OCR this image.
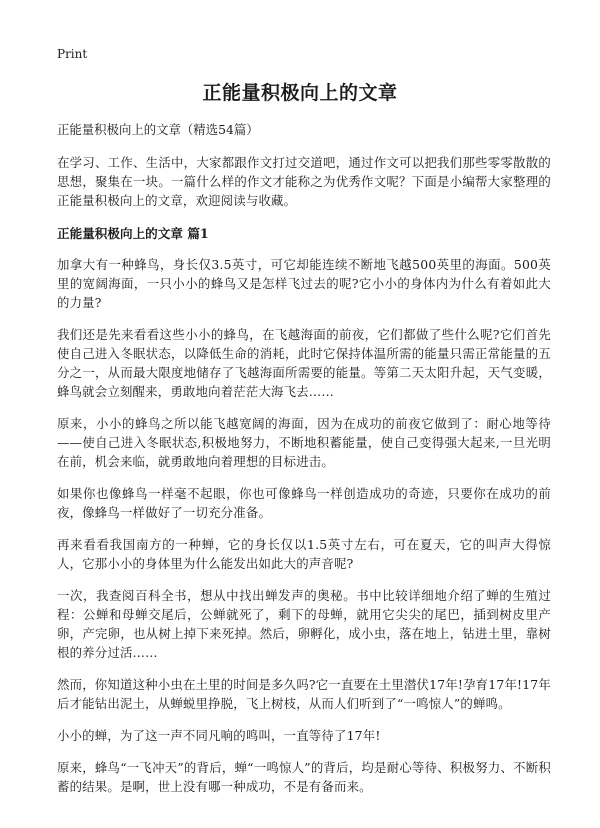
Print
正能量积极向上的文章

正能量积极向上的文章（精选54篇）

在学习、工作、生活中，大家都跟作文打过交道吧，通过作文可以把我们那些零零散散的思想，聚集在一块。一篇什么样的作文才能称之为优秀作文呢？下面是小编帮大家整理的正能量积极向上的文章，欢迎阅读与收藏。

正能量积极向上的文章 篇1

加拿大有一种蜂鸟，身长仅3.5英寸，可它却能连续不断地飞越500英里的海面。500英里的宽阔海面，一只小小的蜂鸟又是怎样飞过去的呢?它小小的身体内为什么有着如此大的力量?

我们还是先来看看这些小小的蜂鸟，在飞越海面的前夜，它们都做了些什么呢?它们首先使自己进入冬眠状态，以降低生命的消耗，此时它保持体温所需的能量只需正常能量的五分之一，从而最大限度地储存了飞越海面所需要的能量。等第二天太阳升起，天气变暖，蜂鸟就会立刻醒来，勇敢地向着茫茫大海飞去……

原来，小小的蜂鸟之所以能飞越宽阔的海面，因为在成功的前夜它做到了：耐心地等待——使自己进入冬眠状态,积极地努力，不断地积蓄能量，使自己变得强大起来,一旦光明在前，机会来临，就勇敢地向着理想的目标进击。

如果你也像蜂鸟一样毫不起眼，你也可像蜂鸟一样创造成功的奇迹，只要你在成功的前夜，像蜂鸟一样做好了一切充分准备。

再来看看我国南方的一种蝉，它的身长仅以1.5英寸左右，可在夏天，它的叫声大得惊人，它那小小的身体里为什么能发出如此大的声音呢?

一次，我查阅百科全书，想从中找出蝉发声的奥秘。书中比较详细地介绍了蝉的生殖过程：公蝉和母蝉交尾后，公蝉就死了，剩下的母蝉，就用它尖尖的尾巴，插到树皮里产卵，产完卵，也从树上掉下来死掉。然后，卵孵化，成小虫，落在地上，钻进土里，靠树根的养分过活……

然而，你知道这种小虫在土里的时间是多久吗?它一直要在土里潜伏17年!孕育17年!17年后才能钻出泥土，从蝉蜕里挣脱，飞上树枝，从而人们听到了“一鸣惊人”的蝉鸣。

小小的蝉，为了这一声不同凡响的鸣叫，一直等待了17年!

原来，蜂鸟“一飞冲天”的背后，蝉“一鸣惊人”的背后，均是耐心等待、积极努力、不断积蓄的结果。是啊，世上没有哪一种成功，不是有备而来。
